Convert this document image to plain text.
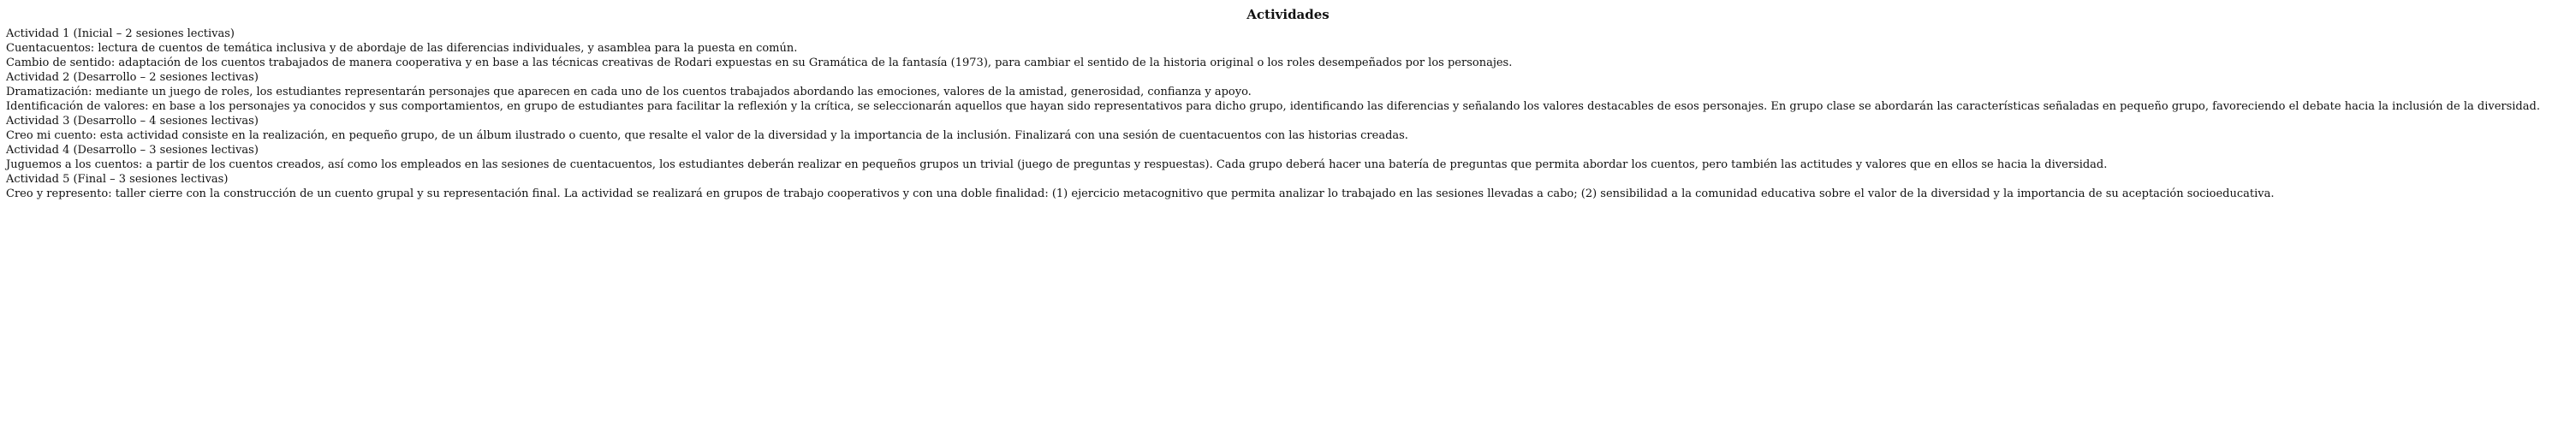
Actividades
Actividad 1 (Inicial – 2 sesiones lectivas)
Cuentacuentos: lectura de cuentos de temática inclusiva y de abordaje de las diferencias individuales, y asamblea para la puesta en común.
Cambio de sentido: adaptación de los cuentos trabajados de manera cooperativa y en base a las técnicas creativas de Rodari expuestas en su Gramática de la fantasía (1973), para cambiar el sentido de la historia original o los roles desempeñados por los personajes.
Actividad 2 (Desarrollo – 2 sesiones lectivas)
Dramatización: mediante un juego de roles, los estudiantes representarán personajes que aparecen en cada uno de los cuentos trabajados abordando las emociones, valores de la amistad, generosidad, confianza y apoyo.
Identificación de valores: en base a los personajes ya conocidos y sus comportamientos, en grupo de estudiantes para facilitar la reflexión y la crítica, se seleccionarán aquellos que hayan sido representativos para dicho grupo, identificando las diferencias y señalando los valores destacables de esos personajes. En grupo clase se abordarán las características señaladas en pequeño grupo, favoreciendo el debate hacia la inclusión de la diversidad.
Actividad 3 (Desarrollo – 4 sesiones lectivas)
Creo mi cuento: esta actividad consiste en la realización, en pequeño grupo, de un álbum ilustrado o cuento, que resalte el valor de la diversidad y la importancia de la inclusión. Finalizará con una sesión de cuentacuentos con las historias creadas.
Actividad 4 (Desarrollo – 3 sesiones lectivas)
Juguemos a los cuentos: a partir de los cuentos creados, así como los empleados en las sesiones de cuentacuentos, los estudiantes deberán realizar en pequeños grupos un trivial (juego de preguntas y respuestas). Cada grupo deberá hacer una batería de preguntas que permita abordar los cuentos, pero también las actitudes y valores que en ellos se hacia la diversidad.
Actividad 5 (Final – 3 sesiones lectivas)
Creo y represento: taller cierre con la construcción de un cuento grupal y su representación final. La actividad se realizará en grupos de trabajo cooperativos y con una doble finalidad: (1) ejercicio metacognitivo que permita analizar lo trabajado en las sesiones llevadas a cabo; (2) sensibilidad a la comunidad educativa sobre el valor de la diversidad y la importancia de su aceptación socioeducativa.
